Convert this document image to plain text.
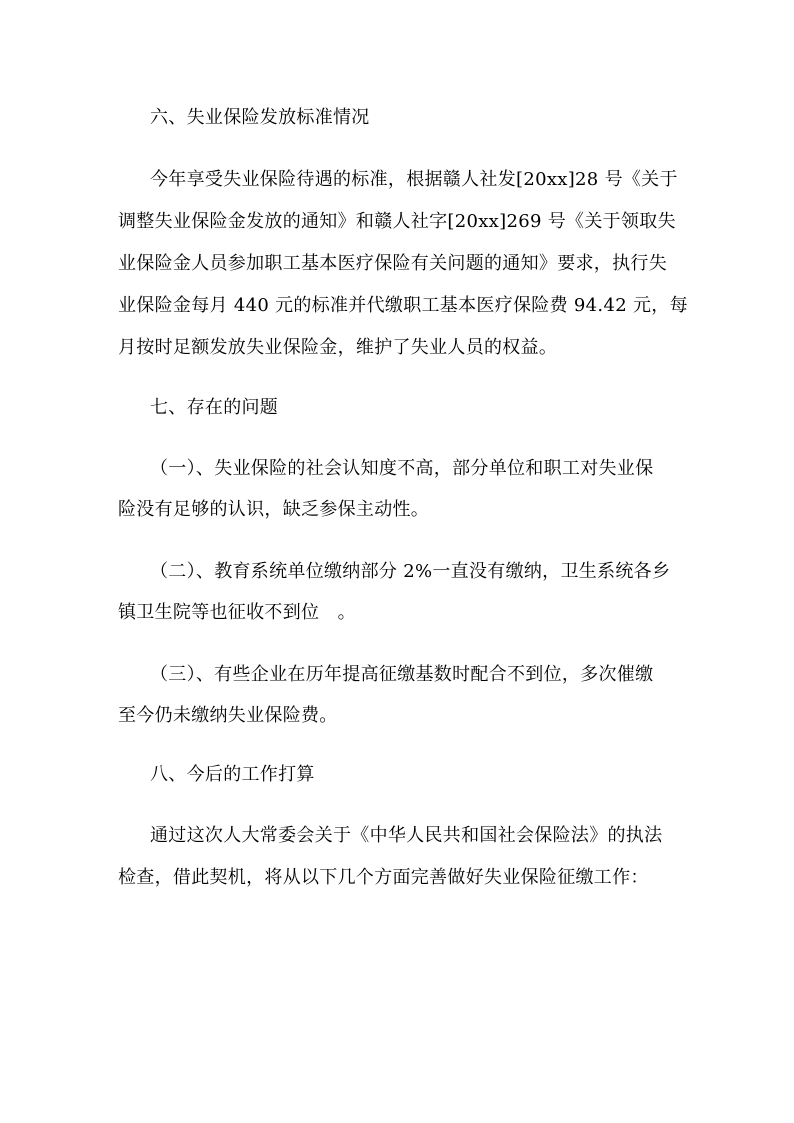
六、失业保险发放标准情况
今年享受失业保险待遇的标准，根据赣人社发[20xx]28 号《关于
调整失业保险金发放的通知》和赣人社字[20xx]269 号《关于领取失
业保险金人员参加职工基本医疗保险有关问题的通知》要求，执行失
业保险金每月 440 元的标准并代缴职工基本医疗保险费 94.42 元，每
月按时足额发放失业保险金，维护了失业人员的权益。
七、存在的问题
（一）、失业保险的社会认知度不高，部分单位和职工对失业保
险没有足够的认识，缺乏参保主动性。
（二）、教育系统单位缴纳部分 2%一直没有缴纳，卫生系统各乡
镇卫生院等也征收不到位　。
（三）、有些企业在历年提高征缴基数时配合不到位，多次催缴
至今仍未缴纳失业保险费。
八、今后的工作打算
通过这次人大常委会关于《中华人民共和国社会保险法》的执法
检查，借此契机，将从以下几个方面完善做好失业保险征缴工作：
